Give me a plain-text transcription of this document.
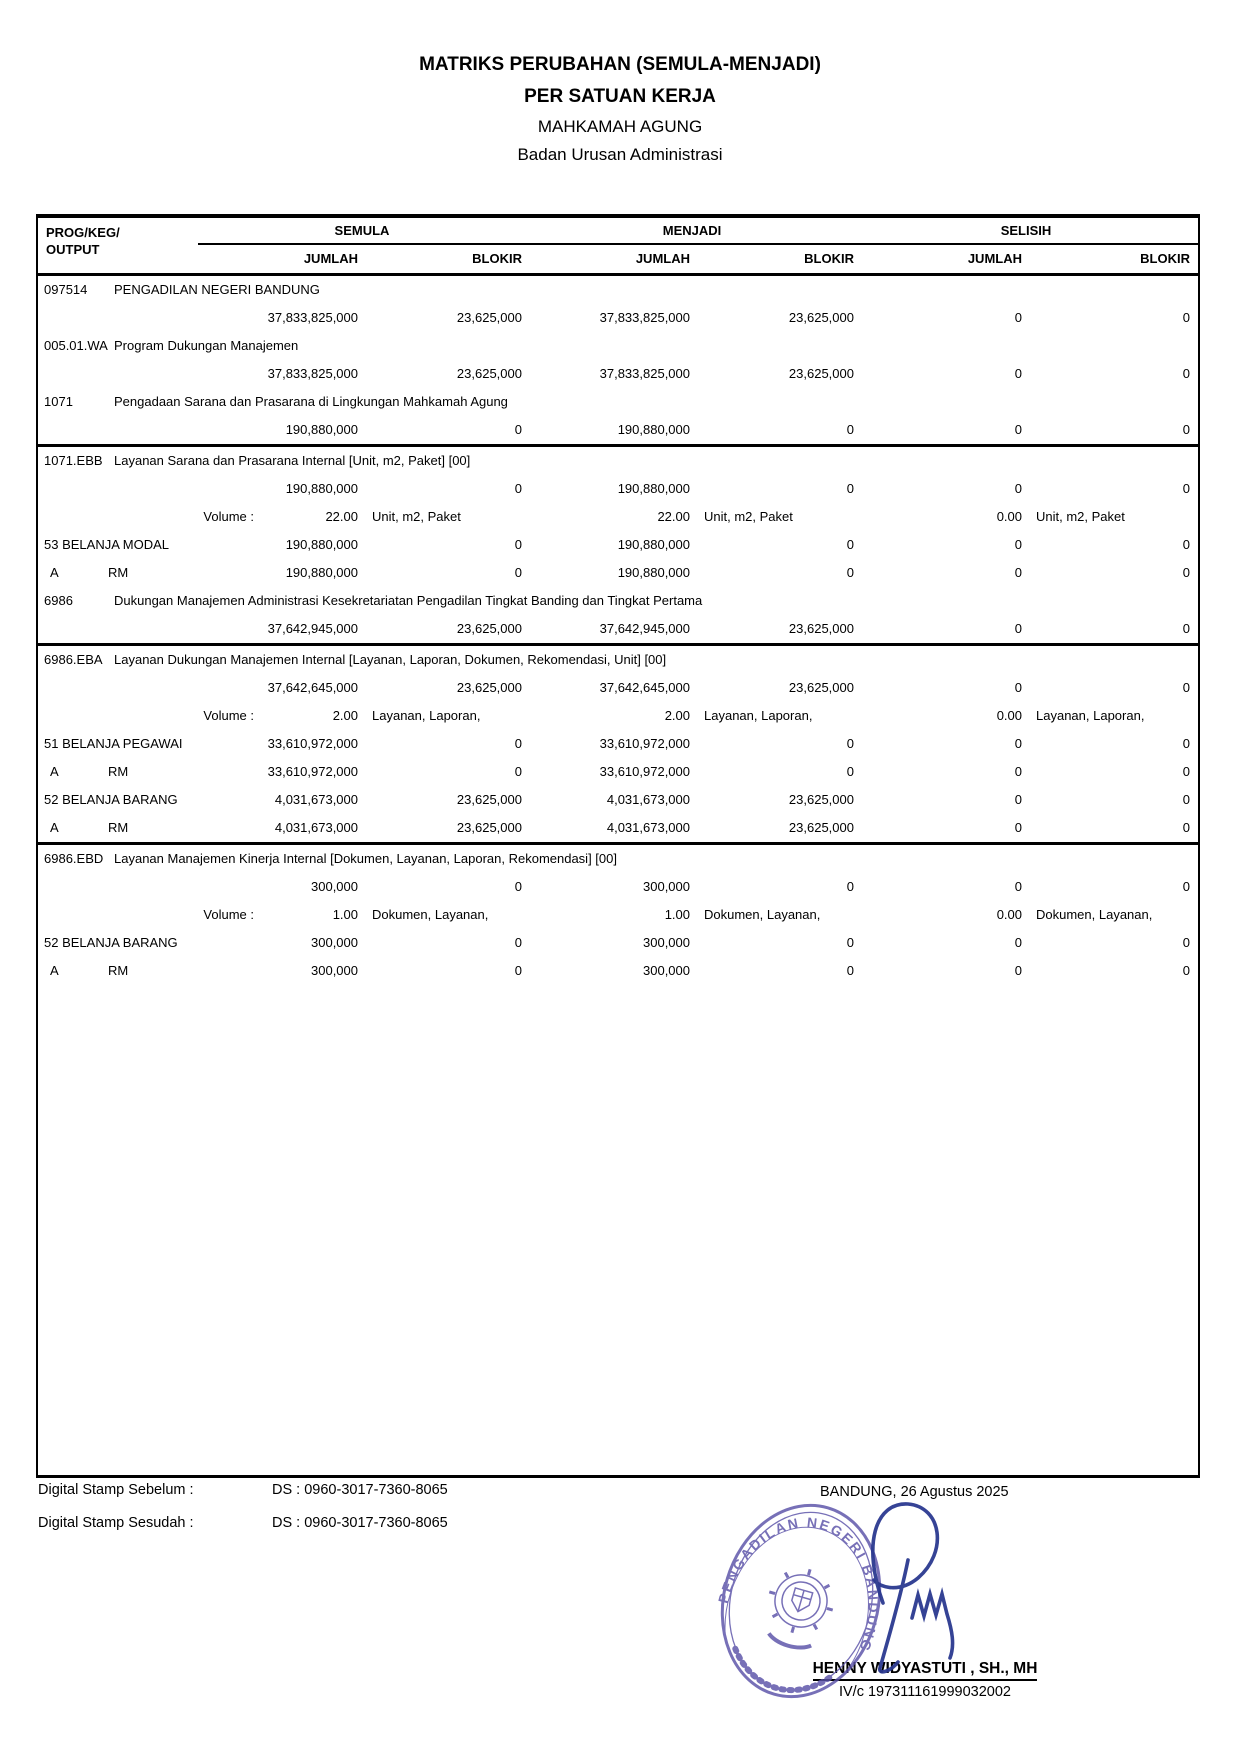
MATRIKS PERUBAHAN (SEMULA-MENJADI)
PER SATUAN KERJA
MAHKAMAH AGUNG
Badan Urusan Administrasi
PROG/KEG/
OUTPUT
SEMULA	MENJADI	SELISIH
JUMLAH	BLOKIR	JUMLAH	BLOKIR	JUMLAH	BLOKIR
097514 PENGADILAN NEGERI BANDUNG
37,833,825,000	23,625,000	37,833,825,000	23,625,000	0	0
005.01.WA Program Dukungan Manajemen
37,833,825,000	23,625,000	37,833,825,000	23,625,000	0	0
1071	Pengadaan Sarana dan Prasarana di Lingkungan Mahkamah Agung
190,880,000	0	190,880,000	0	0	0
1071.EBB Layanan Sarana dan Prasarana Internal [Unit, m2, Paket] [00]
190,880,000	0	190,880,000	0	0	0
Volume :	22.00	Unit, m2, Paket	22.00	Unit, m2, Paket	0.00	Unit, m2, Paket
53 BELANJA MODAL	190,880,000	0	190,880,000	0	0	0
A	RM	190,880,000	0	190,880,000	0	0	0
6986	Dukungan Manajemen Administrasi Kesekretariatan Pengadilan Tingkat Banding dan Tingkat Pertama
37,642,945,000	23,625,000	37,642,945,000	23,625,000	0	0
6986.EBA Layanan Dukungan Manajemen Internal [Layanan, Laporan, Dokumen, Rekomendasi, Unit] [00]
37,642,645,000	23,625,000	37,642,645,000	23,625,000	0	0
Volume :	2.00	Layanan, Laporan,	2.00	Layanan, Laporan,	0.00	Layanan, Laporan,
51 BELANJA PEGAWAI	33,610,972,000	0	33,610,972,000	0	0	0
A	RM	33,610,972,000	0	33,610,972,000	0	0	0
52 BELANJA BARANG	4,031,673,000	23,625,000	4,031,673,000	23,625,000	0	0
A	RM	4,031,673,000	23,625,000	4,031,673,000	23,625,000	0	0
6986.EBD Layanan Manajemen Kinerja Internal [Dokumen, Layanan, Laporan, Rekomendasi] [00]
300,000	0	300,000	0	0	0
Volume :	1.00	Dokumen, Layanan,	1.00	Dokumen, Layanan,	0.00	Dokumen, Layanan,
52 BELANJA BARANG	300,000	0	300,000	0	0	0
A	RM	300,000	0	300,000	0	0	0
Digital Stamp Sebelum :	DS : 0960-3017-7360-8065
Digital Stamp Sesudah :	DS : 0960-3017-7360-8065
BANDUNG, 26 Agustus 2025
HENNY WIDYASTUTI , SH., MH
IV/c 197311161999032002
PENGADILAN NEGERI BANDUNG
